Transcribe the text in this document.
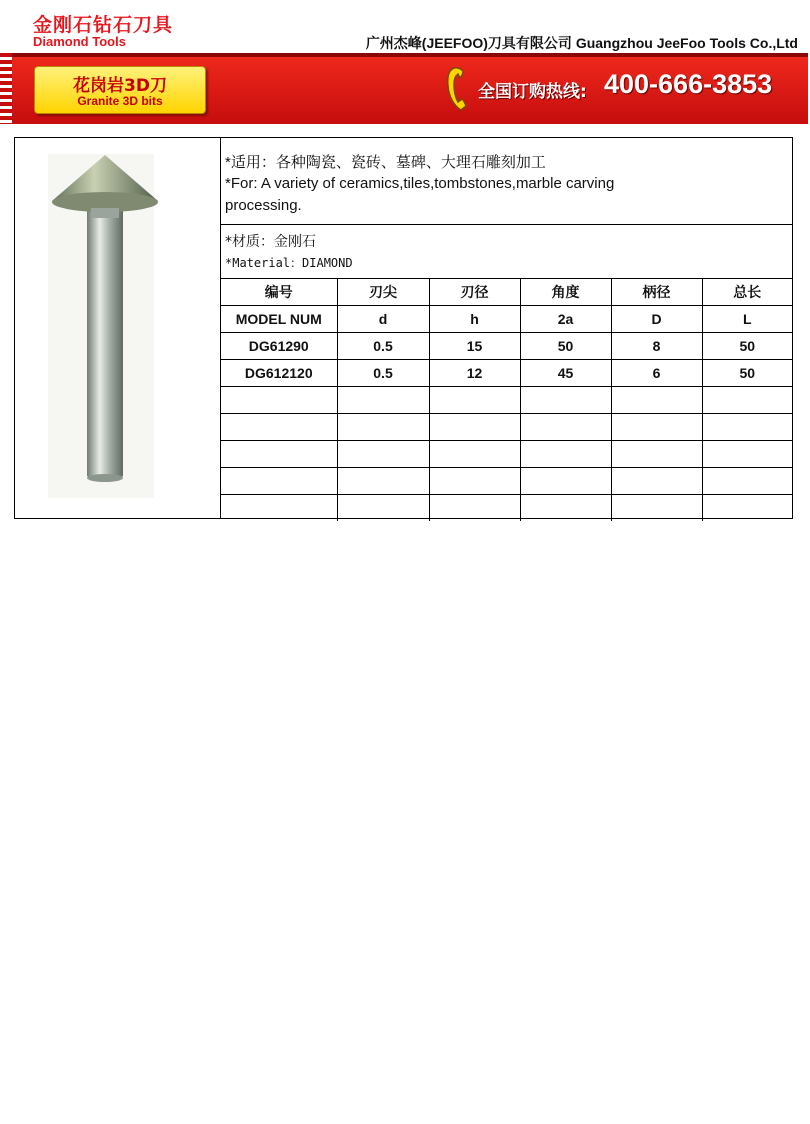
金刚石钻石刀具
Diamond Tools	广州杰峰(JEEFOO)刀具有限公司 Guangzhou JeeFoo Tools Co.,Ltd
花岗岩3D刀
Granite 3D bits	全国订购热线: 400-666-3853
*适用：各种陶瓷、瓷砖、墓碑、大理石雕刻加工
*For: A variety of ceramics,tiles,tombstones,marble carving
processing.
*材质：金刚石
*Material：DIAMOND
编号	刃尖	刃径	角度	柄径	总长
MODEL NUM	d	h	2a	D	L
DG61290	0.5	15	50	8	50
DG612120	0.5	12	45	6	50
